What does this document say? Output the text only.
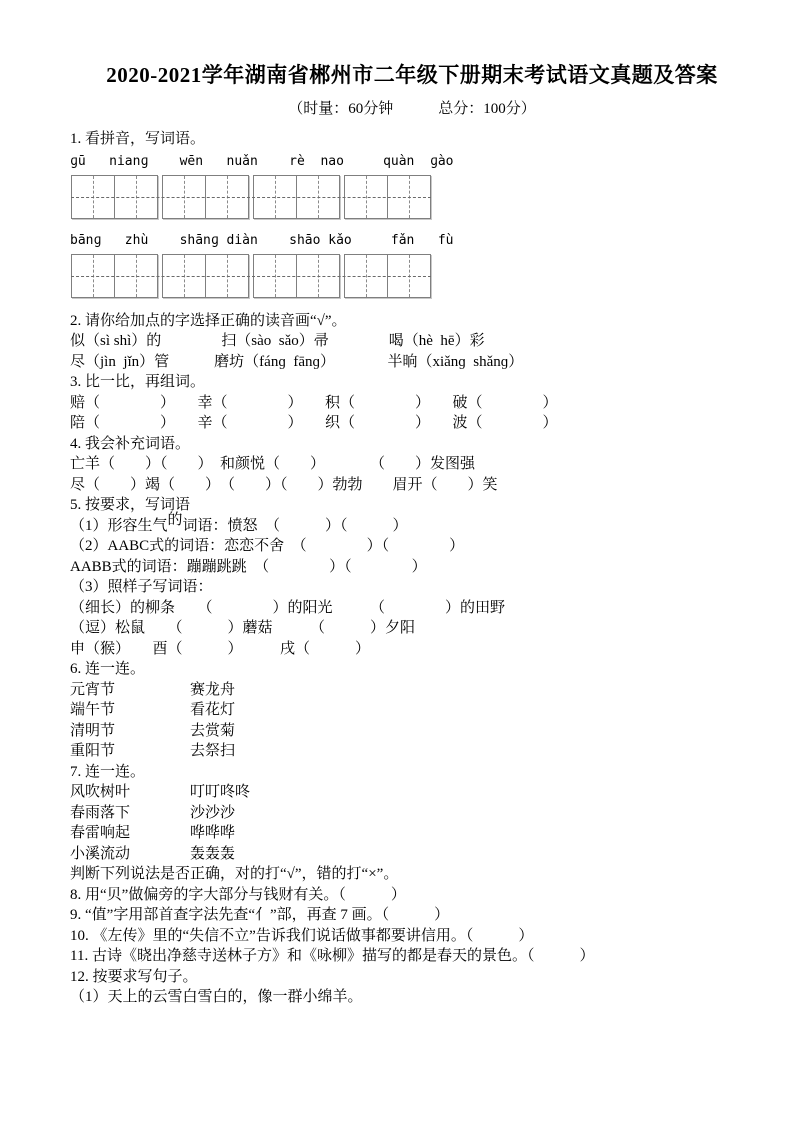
2020-2021学年湖南省郴州市二年级下册期末考试语文真题及答案
（时量：60分钟　　　总分：100分）
1. 看拼音，写词语。
ɡū   nianɡ    wēn   nuǎn    rè  nao     quàn  ɡào
bānɡ   zhù    shānɡ diàn    shāo kǎo     fǎn   fù
2. 请你给加点的字选择正确的读音画“√”。
似（sì shì）的　　　　扫（sào  sǎo）帚　　　　喝（hè  hē）彩
尽（jìn  jǐn）管　　　磨坊（fánɡ  fānɡ）　　　　半晌（xiǎnɡ  shǎnɡ）
3. 比一比，再组词。
赔（　　　　）　　幸（　　　　）　　积（　　　　）　　破（　　　　）
陪（　　　　）　　辛（　　　　）　　织（　　　　）　　波（　　　　）
4. 我会补充词语。
亡羊（　　）（　　）　和颜悦（　　）　　　　（　　）发图强
尽（　　）竭（　　）　（　　）（　　）勃勃　　眉开（　　）笑
5. 按要求，写词语
（1）形容生气的词语：愤怒　（　　　）（　　　）
（2）AABC式的词语：恋恋不舍　（　　　　）（　　　　）
AABB式的词语：蹦蹦跳跳　（　　　　）（　　　　）
（3）照样子写词语：
（细长）的柳条　　（　　　　）的阳光　　　（　　　　）的田野
（逗）松鼠　　（　　　）蘑菇　　　（　　　）夕阳
申（猴）　　酉（　　　）　　　戌（　　　）
6. 连一连。
元宵节	赛龙舟
端午节	看花灯
清明节	去赏菊
重阳节	去祭扫
7. 连一连。
风吹树叶	叮叮咚咚
春雨落下	沙沙沙
春雷响起	哗哗哗
小溪流动	轰轰轰
判断下列说法是否正确，对的打“√”，错的打“×”。
8. 用“贝”做偏旁的字大部分与钱财有关。（　　　）
9. “值”字用部首查字法先查“亻”部，再查 7 画。（　　　）
10. 《左传》里的“失信不立”告诉我们说话做事都要讲信用。（　　　）
11. 古诗《晓出净慈寺送林子方》和《咏柳》描写的都是春天的景色。（　　　）
12. 按要求写句子。
（1）天上的云雪白雪白的，像一群小绵羊。
